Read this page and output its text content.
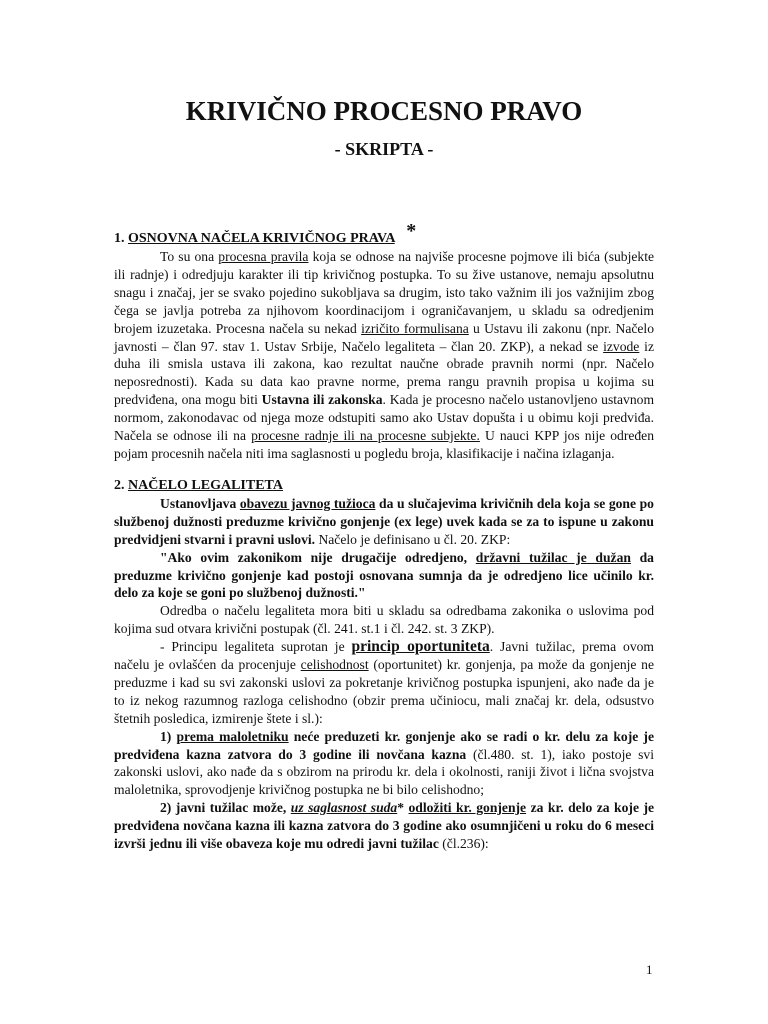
KRIVIČNO PROCESNO PRAVO
- SKRIPTA -
1. OSNOVNA NAČELA KRIVIČNOG PRAVA *

To su ona procesna pravila koja se odnose na najviše procesne pojmove ili bića (subjekte ili radnje) i odredjuju karakter ili tip krivičnog postupka. To su žive ustanove, nemaju apsolutnu snagu i značaj, jer se svako pojedino sukobljava sa drugim, isto tako važnim ili jos važnijim zbog čega se javlja potreba za njihovom koordinacijom i ograničavanjem, u skladu sa odredjenim brojem izuzetaka. Procesna načela su nekad izričito formulisana u Ustavu ili zakonu (npr. Načelo javnosti – član 97. stav 1. Ustav Srbije, Načelo legaliteta – član 20. ZKP), a nekad se izvode iz duha ili smisla ustava ili zakona, kao rezultat naučne obrade pravnih normi (npr. Načelo neposrednosti). Kada su data kao pravne norme, prema rangu pravnih propisa u kojima su predviđena, ona mogu biti Ustavna ili zakonska. Kada je procesno načelo ustanovljeno ustavnom normom, zakonodavac od njega moze odstupiti samo ako Ustav dopušta i u obimu koji predviđa. Načela se odnose ili na procesne radnje ili na procesne subjekte. U nauci KPP jos nije određen pojam procesnih načela niti ima saglasnosti u pogledu broja, klasifikacije i načina izlaganja.

2. NAČELO LEGALITETA

Ustanovljava obavezu javnog tužioca da u slučajevima krivičnih dela koja se gone po službenoj dužnosti preduzme krivično gonjenje (ex lege) uvek kada se za to ispune u zakonu predvidjeni stvarni i pravni uslovi. Načelo je definisano u čl. 20. ZKP:

"Ako ovim zakonikom nije drugačije odredjeno, državni tužilac je dužan da preduzme krivično gonjenje kad postoji osnovana sumnja da je odredjeno lice učinilo kr. delo za koje se goni po službenoj dužnosti."

Odredba o načelu legaliteta mora biti u skladu sa odredbama zakonika o uslovima pod kojima sud otvara krivični postupak (čl. 241. st.1 i čl. 242. st. 3 ZKP).

- Principu legaliteta suprotan je princip oportuniteta. Javni tužilac, prema ovom načelu je ovlašćen da procenjuje celishodnost (oportunitet) kr. gonjenja, pa može da gonjenje ne preduzme i kad su svi zakonski uslovi za pokretanje krivičnog postupka ispunjeni, ako nađe da je to iz nekog razumnog razloga celishodno (obzir prema učiniocu, mali značaj kr. dela, odsustvo štetnih posledica, izmirenje štete i sl.):

1) prema maloletniku neće preduzeti kr. gonjenje ako se radi o kr. delu za koje je predviđena kazna zatvora do 3 godine ili novčana kazna (čl.480. st. 1), iako postoje svi zakonski uslovi, ako nađe da s obzirom na prirodu kr. dela i okolnosti, raniji život i lična svojstva maloletnika, sprovodjenje krivičnog postupka ne bi bilo celishodno;

2) javni tužilac može, uz saglasnost suda* odložiti kr. gonjenje za kr. delo za koje je predviđena novčana kazna ili kazna zatvora do 3 godine ako osumnjičeni u roku do 6 meseci izvrši jednu ili više obaveza koje mu odredi javni tužilac (čl.236):

1
